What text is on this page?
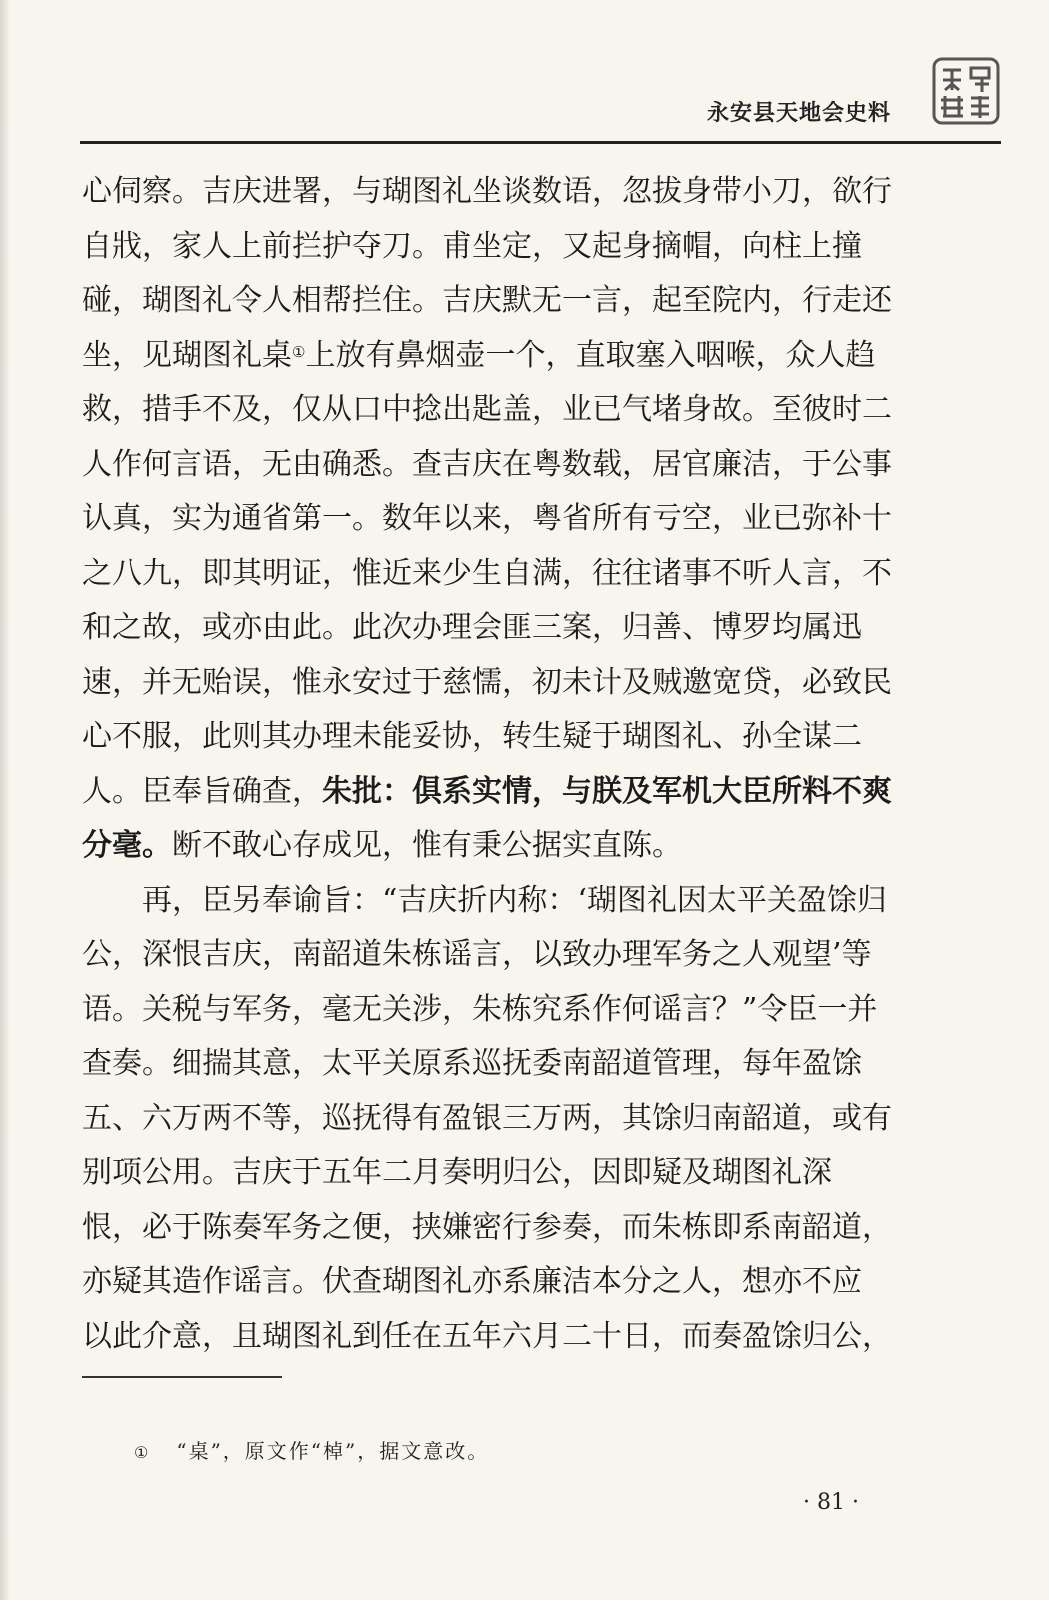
永安县天地会史料
心伺察。吉庆进署，与瑚图礼坐谈数语，忽拔身带小刀，欲行
自戕，家人上前拦护夺刀。甫坐定，又起身摘帽，向柱上撞
碰，瑚图礼令人相帮拦住。吉庆默无一言，起至院内，行走还
坐，见瑚图礼桌①上放有鼻烟壶一个，直取塞入咽喉，众人趋
救，措手不及，仅从口中捻出匙盖，业已气堵身故。至彼时二
人作何言语，无由确悉。查吉庆在粤数载，居官廉洁，于公事
认真，实为通省第一。数年以来，粤省所有亏空，业已弥补十
之八九，即其明证，惟近来少生自满，往往诸事不听人言，不
和之故，或亦由此。此次办理会匪三案，归善、博罗均属迅
速，并无贻误，惟永安过于慈懦，初未计及贼邀宽贷，必致民
心不服，此则其办理未能妥协，转生疑于瑚图礼、孙全谋二
人。臣奉旨确查，朱批：俱系实情，与朕及军机大臣所料不爽
分毫。断不敢心存成见，惟有秉公据实直陈。
再，臣另奉谕旨：“吉庆折内称：‘瑚图礼因太平关盈馀归
公，深恨吉庆，南韶道朱栋谣言，以致办理军务之人观望’等
语。关税与军务，毫无关涉，朱栋究系作何谣言？”令臣一并
查奏。细揣其意，太平关原系巡抚委南韶道管理，每年盈馀
五、六万两不等，巡抚得有盈银三万两，其馀归南韶道，或有
别项公用。吉庆于五年二月奏明归公，因即疑及瑚图礼深
恨，必于陈奏军务之便，挟嫌密行参奏，而朱栋即系南韶道，
亦疑其造作谣言。伏查瑚图礼亦系廉洁本分之人，想亦不应
以此介意，且瑚图礼到任在五年六月二十日，而奏盈馀归公，
① “桌”，原文作“棹”，据文意改。
· 81 ·
